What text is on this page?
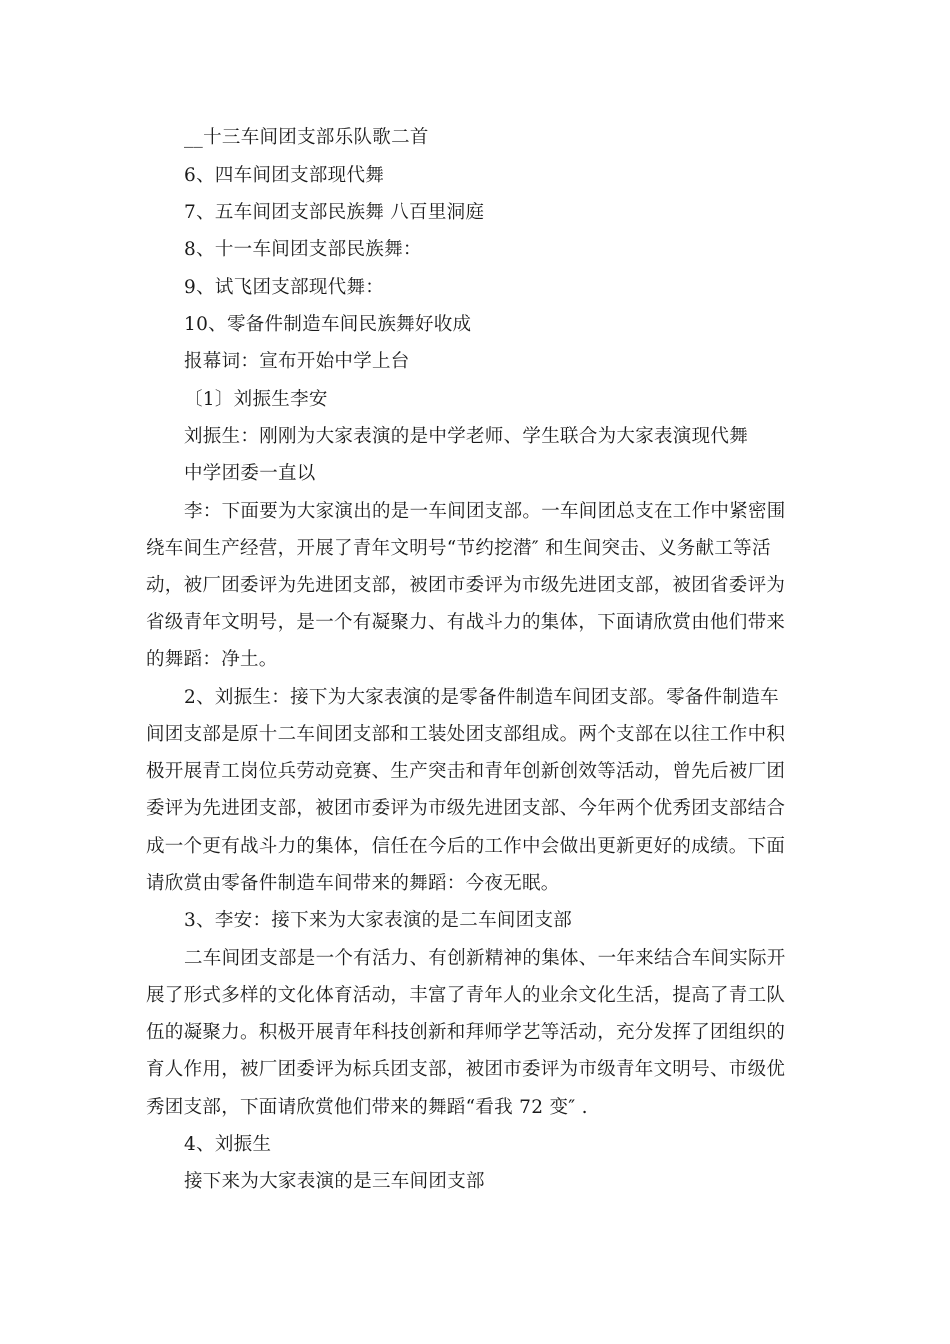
__十三车间团支部乐队歌二首
6、四车间团支部现代舞
7、五车间团支部民族舞 八百里洞庭
8、十一车间团支部民族舞：
9、试飞团支部现代舞：
10、零备件制造车间民族舞好收成
报幕词：宣布开始中学上台
〔1〕刘振生李安
刘振生：刚刚为大家表演的是中学老师、学生联合为大家表演现代舞
中学团委一直以
李：下面要为大家演出的是一车间团支部。一车间团总支在工作中紧密围
绕车间生产经营，开展了青年文明号“节约挖潜″ 和生间突击、义务献工等活
动，被厂团委评为先进团支部，被团市委评为市级先进团支部，被团省委评为
省级青年文明号，是一个有凝聚力、有战斗力的集体，下面请欣赏由他们带来
的舞蹈：净土。
2、刘振生：接下为大家表演的是零备件制造车间团支部。零备件制造车
间团支部是原十二车间团支部和工装处团支部组成。两个支部在以往工作中积
极开展青工岗位兵劳动竞赛、生产突击和青年创新创效等活动，曾先后被厂团
委评为先进团支部，被团市委评为市级先进团支部、今年两个优秀团支部结合
成一个更有战斗力的集体，信任在今后的工作中会做出更新更好的成绩。下面
请欣赏由零备件制造车间带来的舞蹈：今夜无眠。
3、李安：接下来为大家表演的是二车间团支部
二车间团支部是一个有活力、有创新精神的集体、一年来结合车间实际开
展了形式多样的文化体育活动，丰富了青年人的业余文化生活，提高了青工队
伍的凝聚力。积极开展青年科技创新和拜师学艺等活动，充分发挥了团组织的
育人作用，被厂团委评为标兵团支部，被团市委评为市级青年文明号、市级优
秀团支部，下面请欣赏他们带来的舞蹈“看我 72 变″ .
4、刘振生
接下来为大家表演的是三车间团支部
